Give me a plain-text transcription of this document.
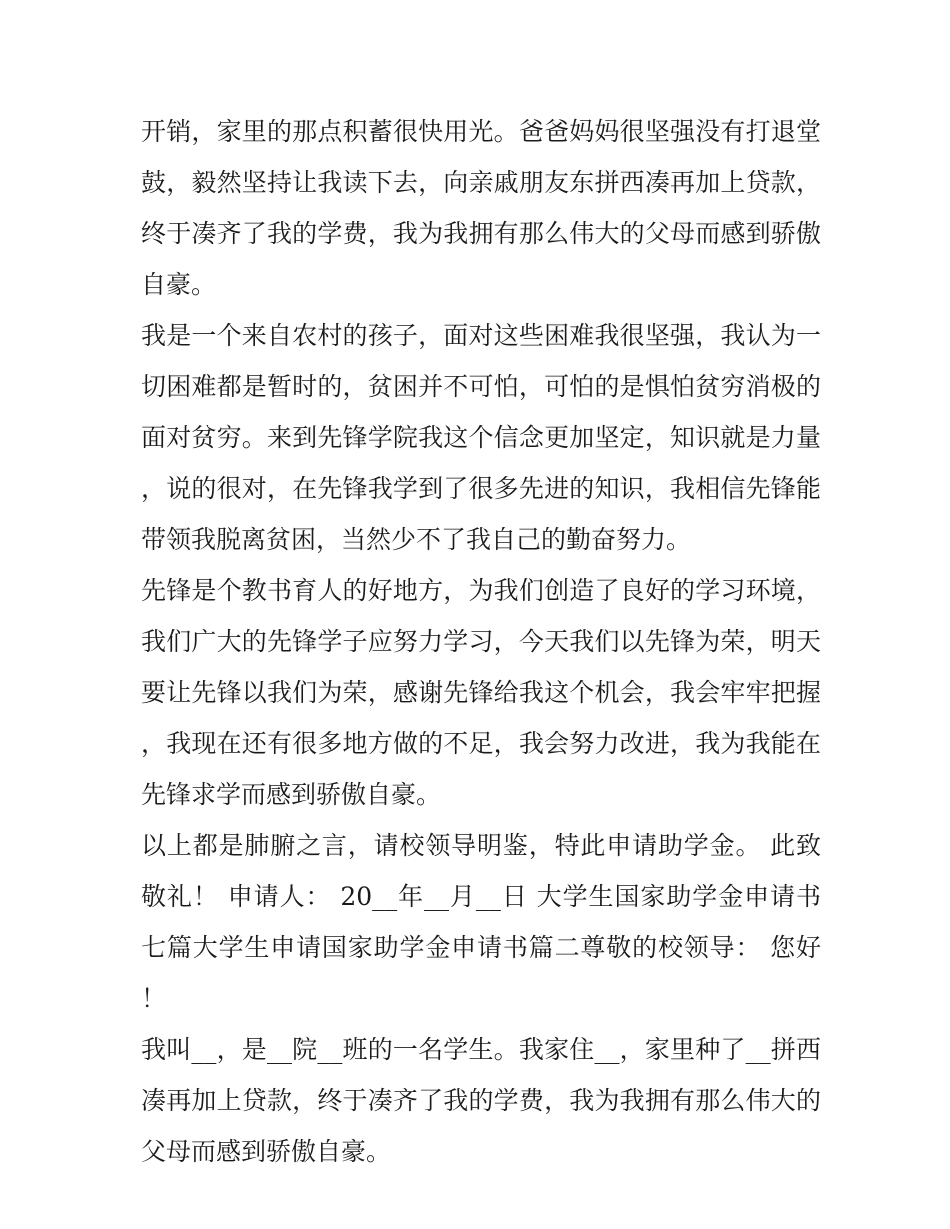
开销，家里的那点积蓄很快用光。爸爸妈妈很坚强没有打退堂鼓，毅然坚持让我读下去，向亲戚朋友东拼西凑再加上贷款，终于凑齐了我的学费，我为我拥有那么伟大的父母而感到骄傲自豪。

我是一个来自农村的孩子，面对这些困难我很坚强，我认为一切困难都是暂时的，贫困并不可怕，可怕的是惧怕贫穷消极的面对贫穷。来到先锋学院我这个信念更加坚定，知识就是力量，说的很对，在先锋我学到了很多先进的知识，我相信先锋能带领我脱离贫困，当然少不了我自己的勤奋努力。

先锋是个教书育人的好地方，为我们创造了良好的学习环境，我们广大的先锋学子应努力学习，今天我们以先锋为荣，明天要让先锋以我们为荣，感谢先锋给我这个机会，我会牢牢把握，我现在还有很多地方做的不足，我会努力改进，我为我能在先锋求学而感到骄傲自豪。

以上都是肺腑之言，请校领导明鉴，特此申请助学金。 此致敬礼！ 申请人： 20__年__月__日 大学生国家助学金申请书七篇大学生申请国家助学金申请书篇二尊敬的校领导： 您好！

我叫__，是__院__班的一名学生。我家住__，家里种了__拼西凑再加上贷款，终于凑齐了我的学费，我为我拥有那么伟大的父母而感到骄傲自豪。
